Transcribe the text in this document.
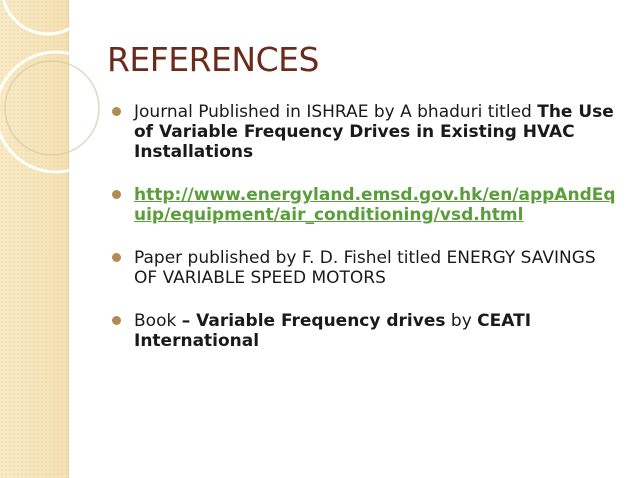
REFERENCES
Journal Published in ISHRAE by A bhaduri titled The Use of Variable Frequency Drives in Existing HVAC Installations
http://www.energyland.emsd.gov.hk/en/appAndEquip/equipment/air_conditioning/vsd.html
Paper published by F. D. Fishel titled ENERGY SAVINGS OF VARIABLE SPEED MOTORS
Book – Variable Frequency drives by CEATI International
